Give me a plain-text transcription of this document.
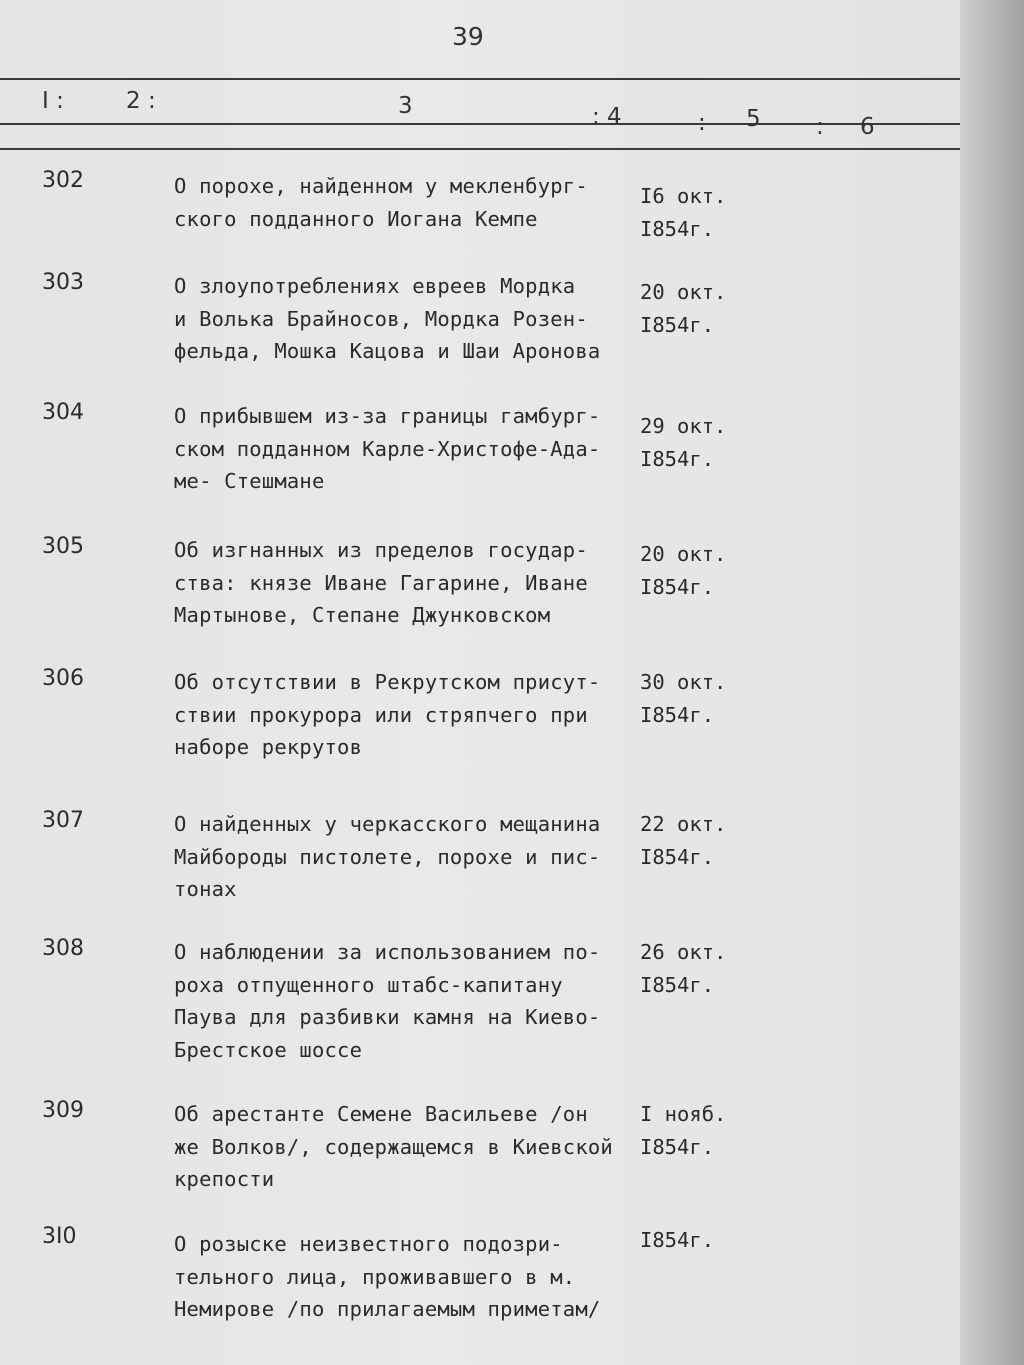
39
I :	2 :	3	: 4	: 5 : 6
302	О порохе, найденном у мекленбург-
ского подданного Иогана Кемпе
I6 окт.
I854г.
303	О злоупотреблениях евреев Мордка
и Волька Брайносов, Мордка Розен-
фельда, Мошка Кацова и Шаи Аронова
20 окт.
I854г.
304	О прибывшем из-за границы гамбург-
ском подданном Карле-Христофе-Ада-
ме- Стешмане
29 окт.
I854г.
305	Об изгнанных из пределов государ-
ства: князе Иване Гагарине, Иване
Мартынове, Степане Джунковском
20 окт.
I854г.
306	Об отсутствии в Рекрутском присут-
ствии прокурора или стряпчего при
наборе рекрутов
30 окт.
I854г.
307	О найденных у черкасского мещанина
Майбороды пистолете, порохе и пис-
тонах
22 окт.
I854г.
308	О наблюдении за использованием по-
роха отпущенного штабс-капитану
Паува для разбивки камня на Киево-
Брестское шоссе
26 окт.
I854г.
309	Об арестанте Семене Васильеве /он
же Волков/, содержащемся в Киевской
крепости
I нояб.
I854г.
3I0	О розыске неизвестного подозри-
тельного лица, проживавшего в м.
Немирове /по прилагаемым приметам/
I854г.
